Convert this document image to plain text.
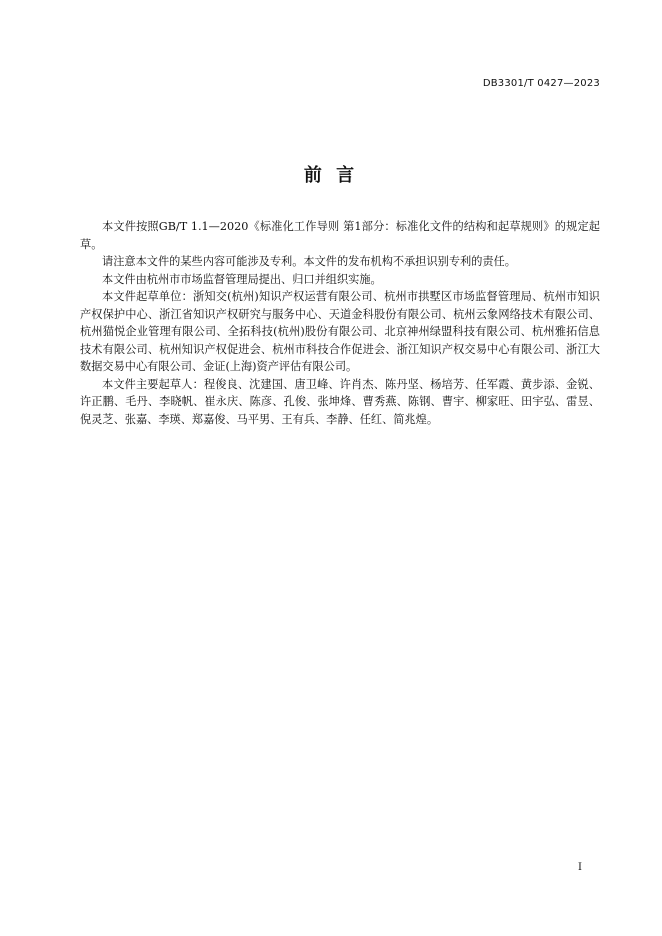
DB3301/T 0427—2023
前 言

本文件按照GB/T 1.1—2020《标准化工作导则 第1部分：标准化文件的结构和起草规则》的规定起草。

请注意本文件的某些内容可能涉及专利。本文件的发布机构不承担识别专利的责任。

本文件由杭州市市场监督管理局提出、归口并组织实施。

本文件起草单位：浙知交(杭州)知识产权运营有限公司、杭州市拱墅区市场监督管理局、杭州市知识产权保护中心、浙江省知识产权研究与服务中心、天道金科股份有限公司、杭州云象网络技术有限公司、杭州猫悦企业管理有限公司、全拓科技(杭州)股份有限公司、北京神州绿盟科技有限公司、杭州雅拓信息技术有限公司、杭州知识产权促进会、杭州市科技合作促进会、浙江知识产权交易中心有限公司、浙江大数据交易中心有限公司、金证(上海)资产评估有限公司。

本文件主要起草人：程俊良、沈建国、唐卫峰、许肖杰、陈丹坚、杨培芳、任军霞、黄步添、金锐、许正鹏、毛丹、李晓帆、崔永庆、陈彦、孔俊、张坤烽、曹秀燕、陈钢、曹宇、柳家旺、田宇弘、雷昱、倪灵芝、张嘉、李瑛、郑嘉俊、马平男、王有兵、李静、任红、简兆煌。

I
